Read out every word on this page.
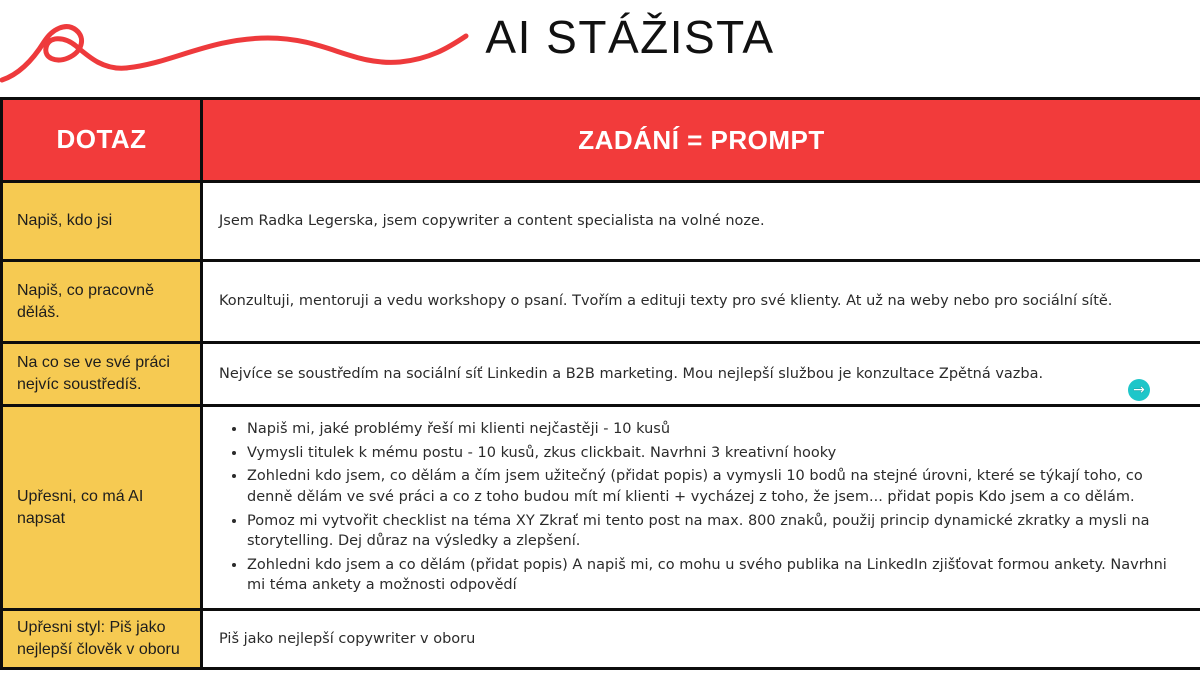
AI STÁŽISTA
DOTAZ	ZADÁNÍ = PROMPT
Napiš, kdo jsi	Jsem Radka Legerska, jsem copywriter a content specialista na volné noze.
Napiš, co pracovně děláš.
Konzultuji, mentoruji a vedu workshopy o psaní. Tvořím a edituji texty pro své klienty. At už na weby nebo pro sociální sítě.
Na co se ve své práci nejvíc soustředíš.
Nejvíce se soustředím na sociální síť Linkedin a B2B marketing. Mou nejlepší službou je konzultace Zpětná vazba.
Upřesni, co má AI napsat
• Napiš mi, jaké problémy řeší mi klienti nejčastěji - 10 kusů
• Vymysli titulek k mému postu - 10 kusů, zkus clickbait. Navrhni 3 kreativní hooky
• Zohledni kdo jsem, co dělám a čím jsem užitečný (přidat popis) a vymysli 10 bodů na stejné úrovni, které se týkají toho, co denně dělám ve své práci a co z toho budou mít mí klienti + vycházej z toho, že jsem... přidat popis Kdo jsem a co dělám.
• Pomoz mi vytvořit checklist na téma XY Zkrať mi tento post na max. 800 znaků, použij princip dynamické zkratky a mysli na storytelling. Dej důraz na výsledky a zlepšení.
• Zohledni kdo jsem a co dělám (přidat popis) A napiš mi, co mohu u svého publika na LinkedIn zjišťovat formou ankety. Navrhni mi téma ankety a možnosti odpovědí
Upřesni styl: Piš jako nejlepší člověk v oboru
Piš jako nejlepší copywriter v oboru
→
